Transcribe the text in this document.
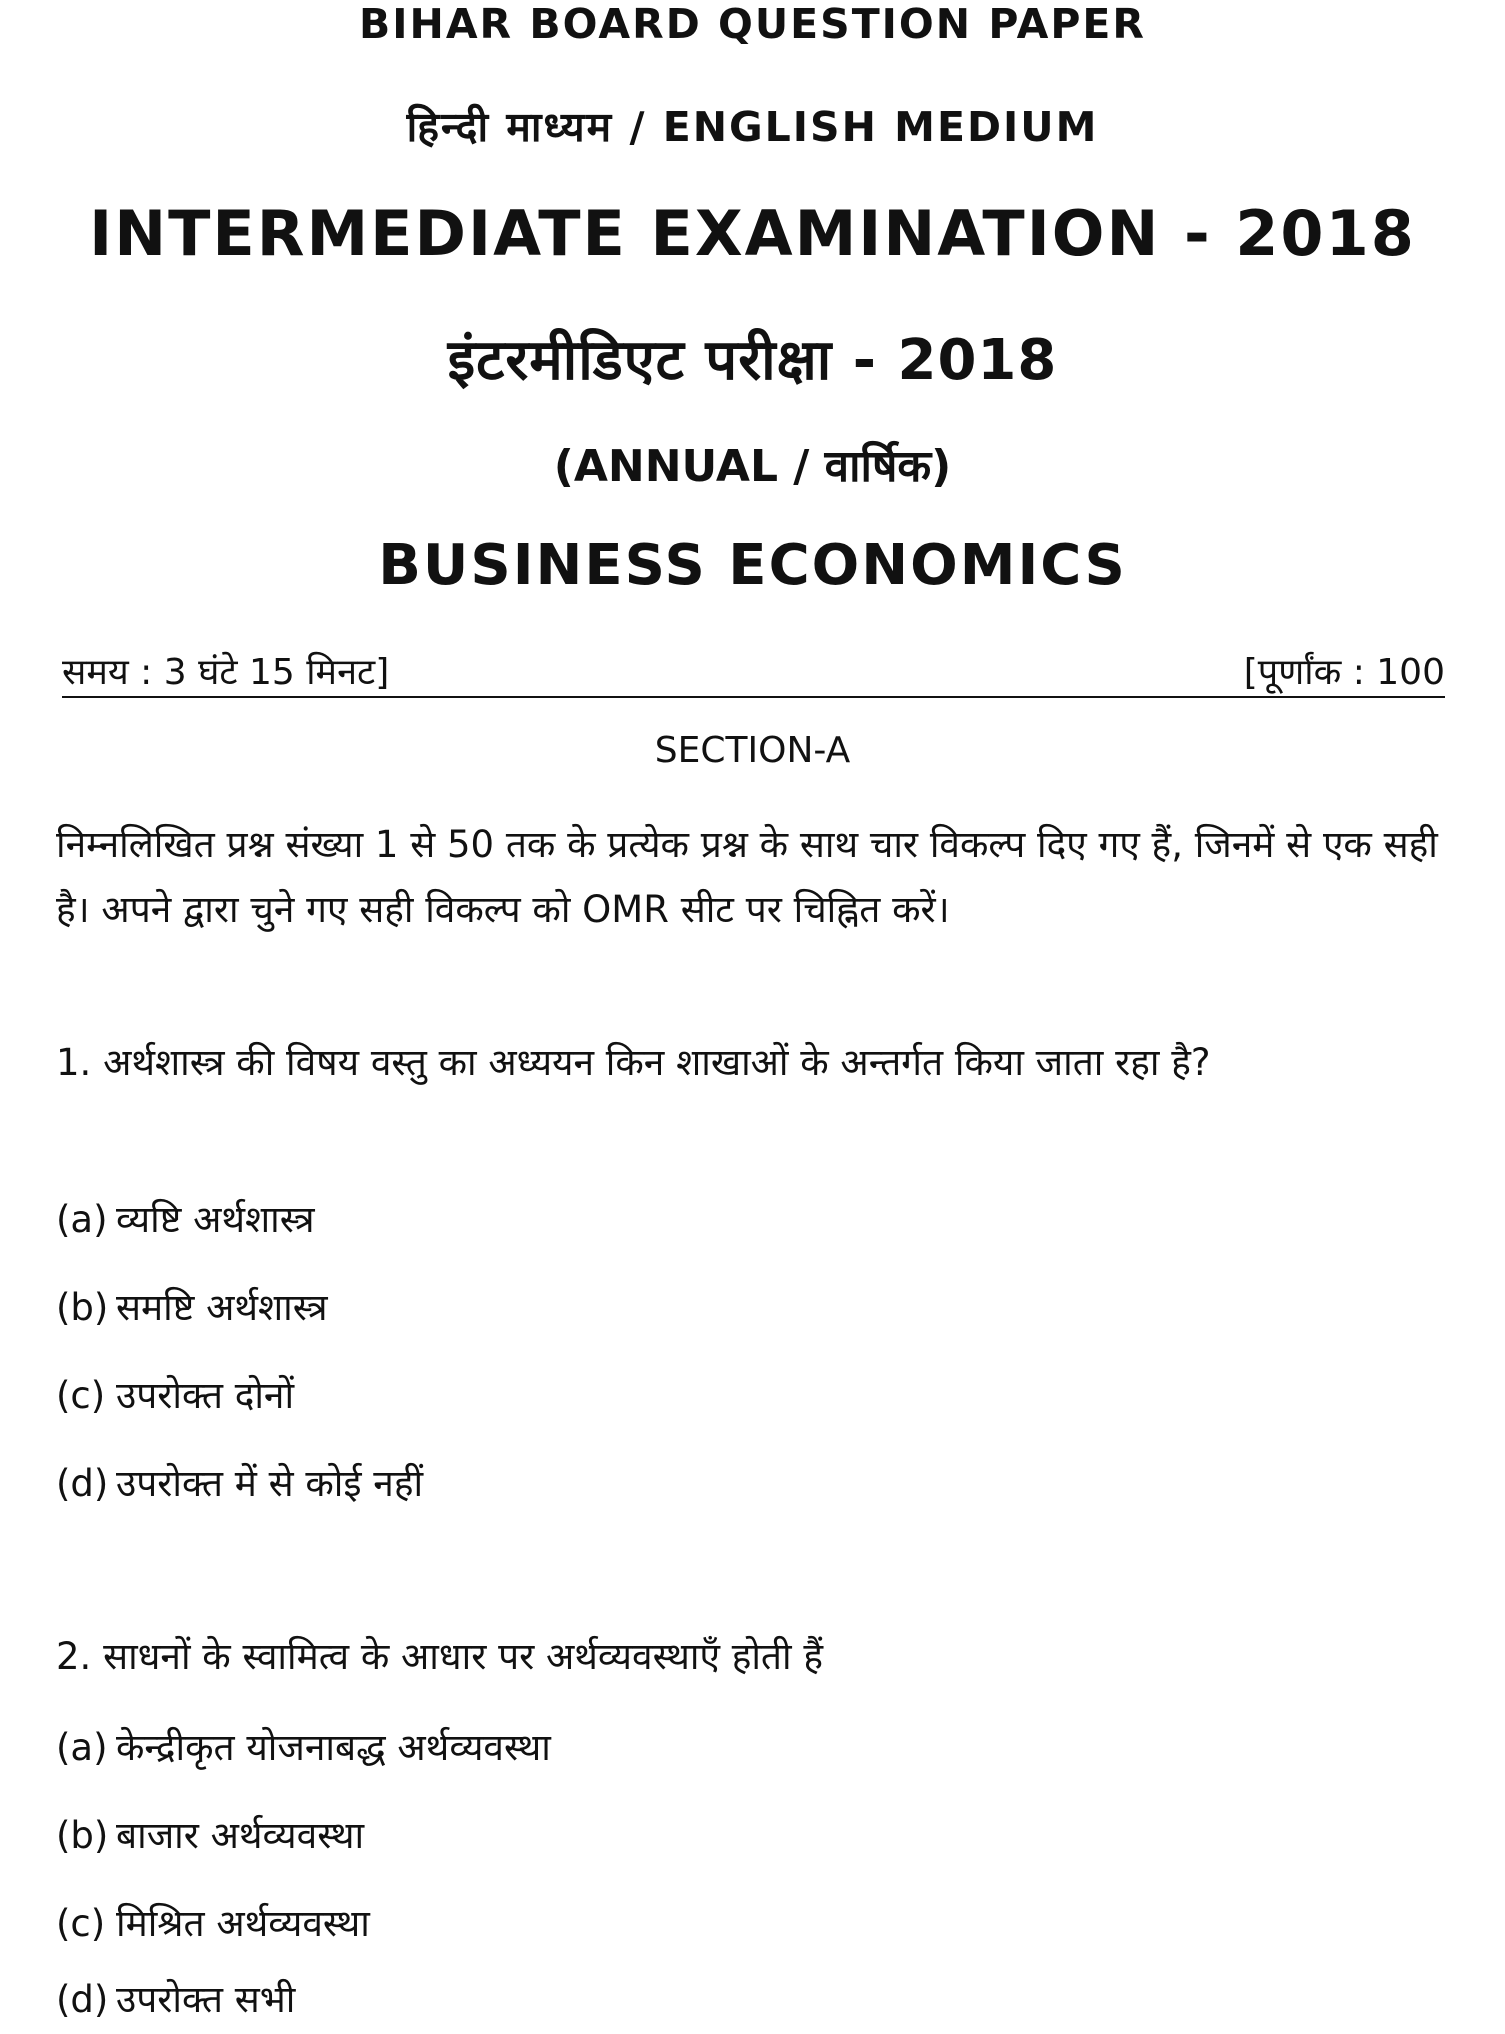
BIHAR BOARD QUESTION PAPER
हिन्दी माध्यम / ENGLISH MEDIUM
INTERMEDIATE EXAMINATION - 2018
इंटरमीडिएट परीक्षा - 2018
(ANNUAL / वार्षिक)
BUSINESS ECONOMICS
समय : 3 घंटे 15 मिनट]	[पूर्णांक : 100
SECTION-A

निम्नलिखित प्रश्न संख्या 1 से 50 तक के प्रत्येक प्रश्न के साथ चार विकल्प दिए गए हैं, जिनमें से एक सही है। अपने द्वारा चुने गए सही विकल्प को OMR सीट पर चिह्नित करें।

1. अर्थशास्त्र की विषय वस्तु का अध्ययन किन शाखाओं के अन्तर्गत किया जाता रहा है?

(a) व्यष्टि अर्थशास्त्र

(b) समष्टि अर्थशास्त्र

(c) उपरोक्त दोनों

(d) उपरोक्त में से कोई नहीं

2. साधनों के स्वामित्व के आधार पर अर्थव्यवस्थाएँ होती हैं

(a) केन्द्रीकृत योजनाबद्ध अर्थव्यवस्था

(b) बाजार अर्थव्यवस्था

(c) मिश्रित अर्थव्यवस्था

(d) उपरोक्त सभी
